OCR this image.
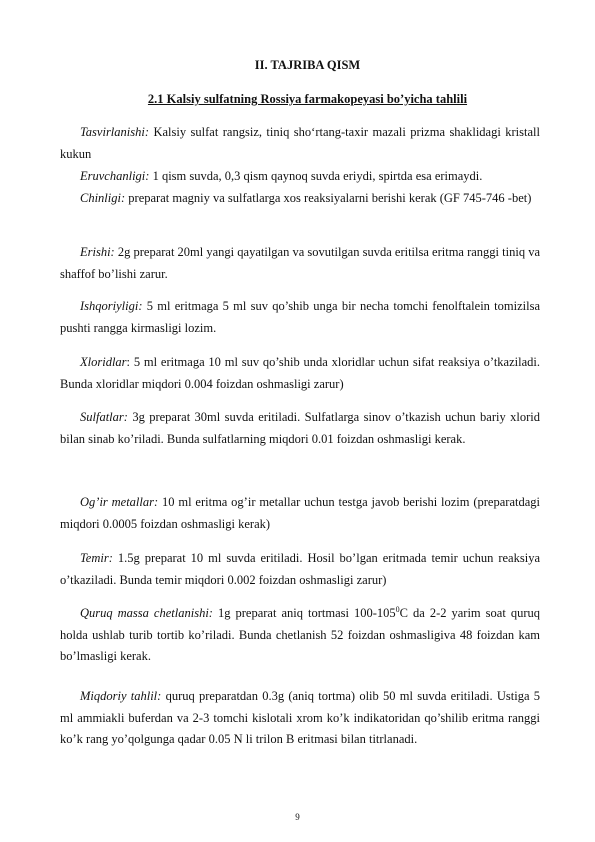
II. TAJRIBA QISM
2.1 Kalsiy sulfatning Rossiya farmakopeyasi bo’yicha tahlili
Tasvirlanishi: Kalsiy sulfat rangsiz, tiniq sho‘rtang-taxir mazali prizma shaklidagi kristall kukun
Eruvchanligi: 1 qism suvda, 0,3 qism qaynoq suvda eriydi, spirtda esa erimaydi.
Chinligi: preparat magniy va sulfatlarga xos reaksiyalarni berishi kerak (GF 745-746 -bet)
Erishi: 2g preparat 20ml yangi qayatilgan va sovutilgan suvda eritilsa eritma ranggi tiniq va shaffof bo’lishi zarur.
Ishqoriyligi: 5 ml eritmaga 5 ml suv qo’shib unga bir necha tomchi fenolftalein tomizilsa pushti rangga kirmasligi lozim.
Xloridlar: 5 ml eritmaga 10 ml suv qo’shib unda xloridlar uchun sifat reaksiya o’tkaziladi. Bunda xloridlar miqdori 0.004 foizdan oshmasligi zarur)
Sulfatlar: 3g preparat 30ml suvda eritiladi. Sulfatlarga sinov o’tkazish uchun bariy xlorid bilan sinab ko’riladi. Bunda sulfatlarning miqdori 0.01 foizdan oshmasligi kerak.
Og’ir metallar: 10 ml eritma og’ir metallar uchun testga javob berishi lozim (preparatdagi miqdori 0.0005 foizdan oshmasligi kerak)
Temir: 1.5g preparat 10 ml suvda eritiladi. Hosil bo’lgan eritmada temir uchun reaksiya o’tkaziladi. Bunda temir miqdori 0.002 foizdan oshmasligi zarur)
Quruq massa chetlanishi: 1g preparat aniq tortmasi $100-105^0C$ da 2-2 yarim soat quruq holda ushlab turib tortib ko’riladi. Bunda chetlanish 52 foizdan oshmasligiva 48 foizdan kam bo’lmasligi kerak.
Miqdoriy tahlil: quruq preparatdan 0.3g (aniq tortma) olib 50 ml suvda eritiladi. Ustiga 5 ml ammiakli buferdan va 2-3 tomchi kislotali xrom ko’k indikatoridan qo’shilib eritma ranggi ko’k rang yo’qolgunga qadar 0.05 N li trilon B eritmasi bilan titrlanadi.
9
